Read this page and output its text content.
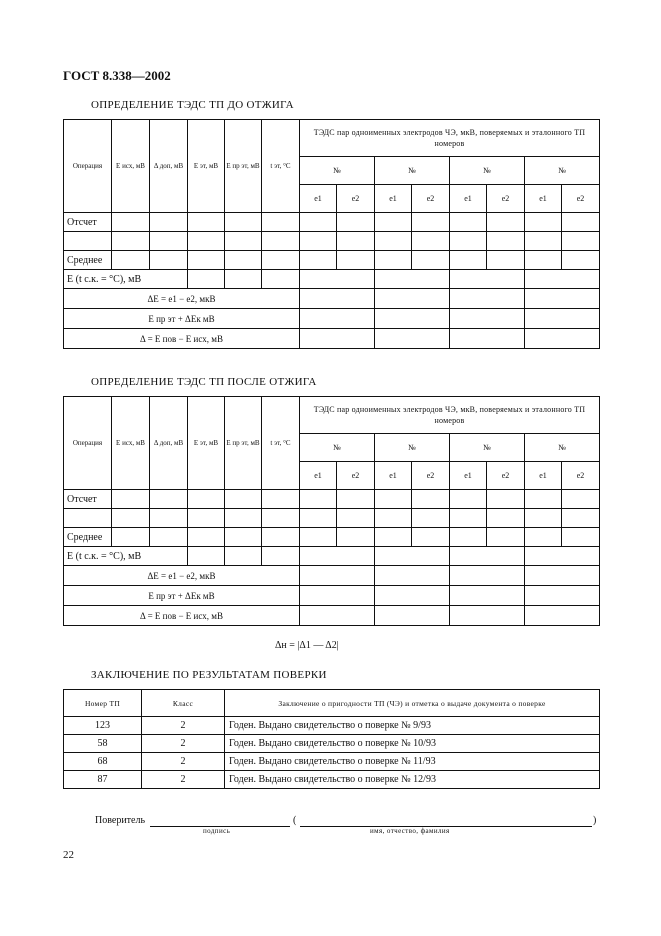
ГОСТ 8.338—2002
ОПРЕДЕЛЕНИЕ ТЭДС ТП ДО ОТЖИГА
Операция	E исх, мВ	Δ доп, мВ	E эт, мВ	E пр эт, мВ	t эт, °С	ТЭДС пар одноименных электродов ЧЭ, мкВ, поверяемых и эталонного ТП номеров							
						№		№		№		№	
						e1	e2	e1	e2	e1	e2	e1	e2
Отсчет													

Среднее													
E (t с.к. = °С), мВ													
ΔE = e1 − e2, мкВ													
E пр эт + ΔEк мВ													
Δ = E пов − E исх, мВ													
ОПРЕДЕЛЕНИЕ ТЭДС ТП ПОСЛЕ ОТЖИГА
Операция	E исх, мВ	Δ доп, мВ	E эт, мВ	E пр эт, мВ	t эт, °С	ТЭДС пар одноименных электродов ЧЭ, мкВ, поверяемых и эталонного ТП номеров							
						№		№		№		№	
						e1	e2	e1	e2	e1	e2	e1	e2
Отсчет													

Среднее													
E (t с.к. = °С), мВ													
ΔE = e1 − e2, мкВ													
E пр эт + ΔEк мВ													
Δ = E пов − E исх, мВ													
Δн = |Δ1 — Δ2|
ЗАКЛЮЧЕНИЕ ПО РЕЗУЛЬТАТАМ ПОВЕРКИ
Номер ТП	Класс	Заключение о пригодности ТП (ЧЭ) и отметка о выдаче документа о поверке
123	2	Годен. Выдано свидетельство о поверке № 9/93
58	2	Годен. Выдано свидетельство о поверке № 10/93
68	2	Годен. Выдано свидетельство о поверке № 11/93
87	2	Годен. Выдано свидетельство о поверке № 12/93
Поверитель	(	)
подпись	имя, отчество, фамилия
22
